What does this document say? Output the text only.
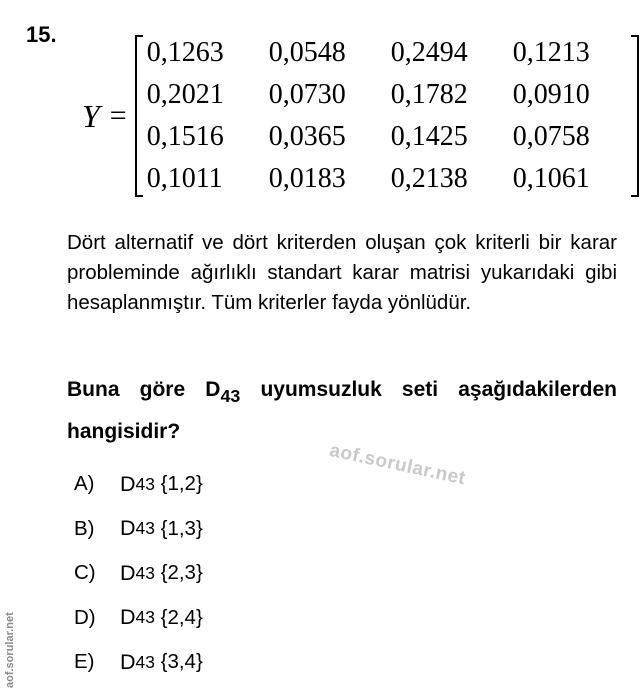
15.
Y =
0,1263	0,0548	0,2494	0,1213
0,2021	0,0730	0,1782	0,0910
0,1516	0,0365	0,1425	0,0758
0,1011	0,0183	0,2138	0,1061
Dört alternatif ve dört kriterden oluşan çok kriterli bir karar probleminde ağırlıklı standart karar matrisi yukarıdaki gibi hesaplanmıştır. Tüm kriterler fayda yönlüdür.
Buna göre $D_{43}$ uyumsuzluk seti aşağıdakilerden hangisidir?
A)	D 43
{1,2}
B)	D 43
{1,3}
C)	D 43
{2,3}
D)	D 43
{2,4}
E)	D 43
{3,4}
aof.sorular.net
aof.sorular.net
